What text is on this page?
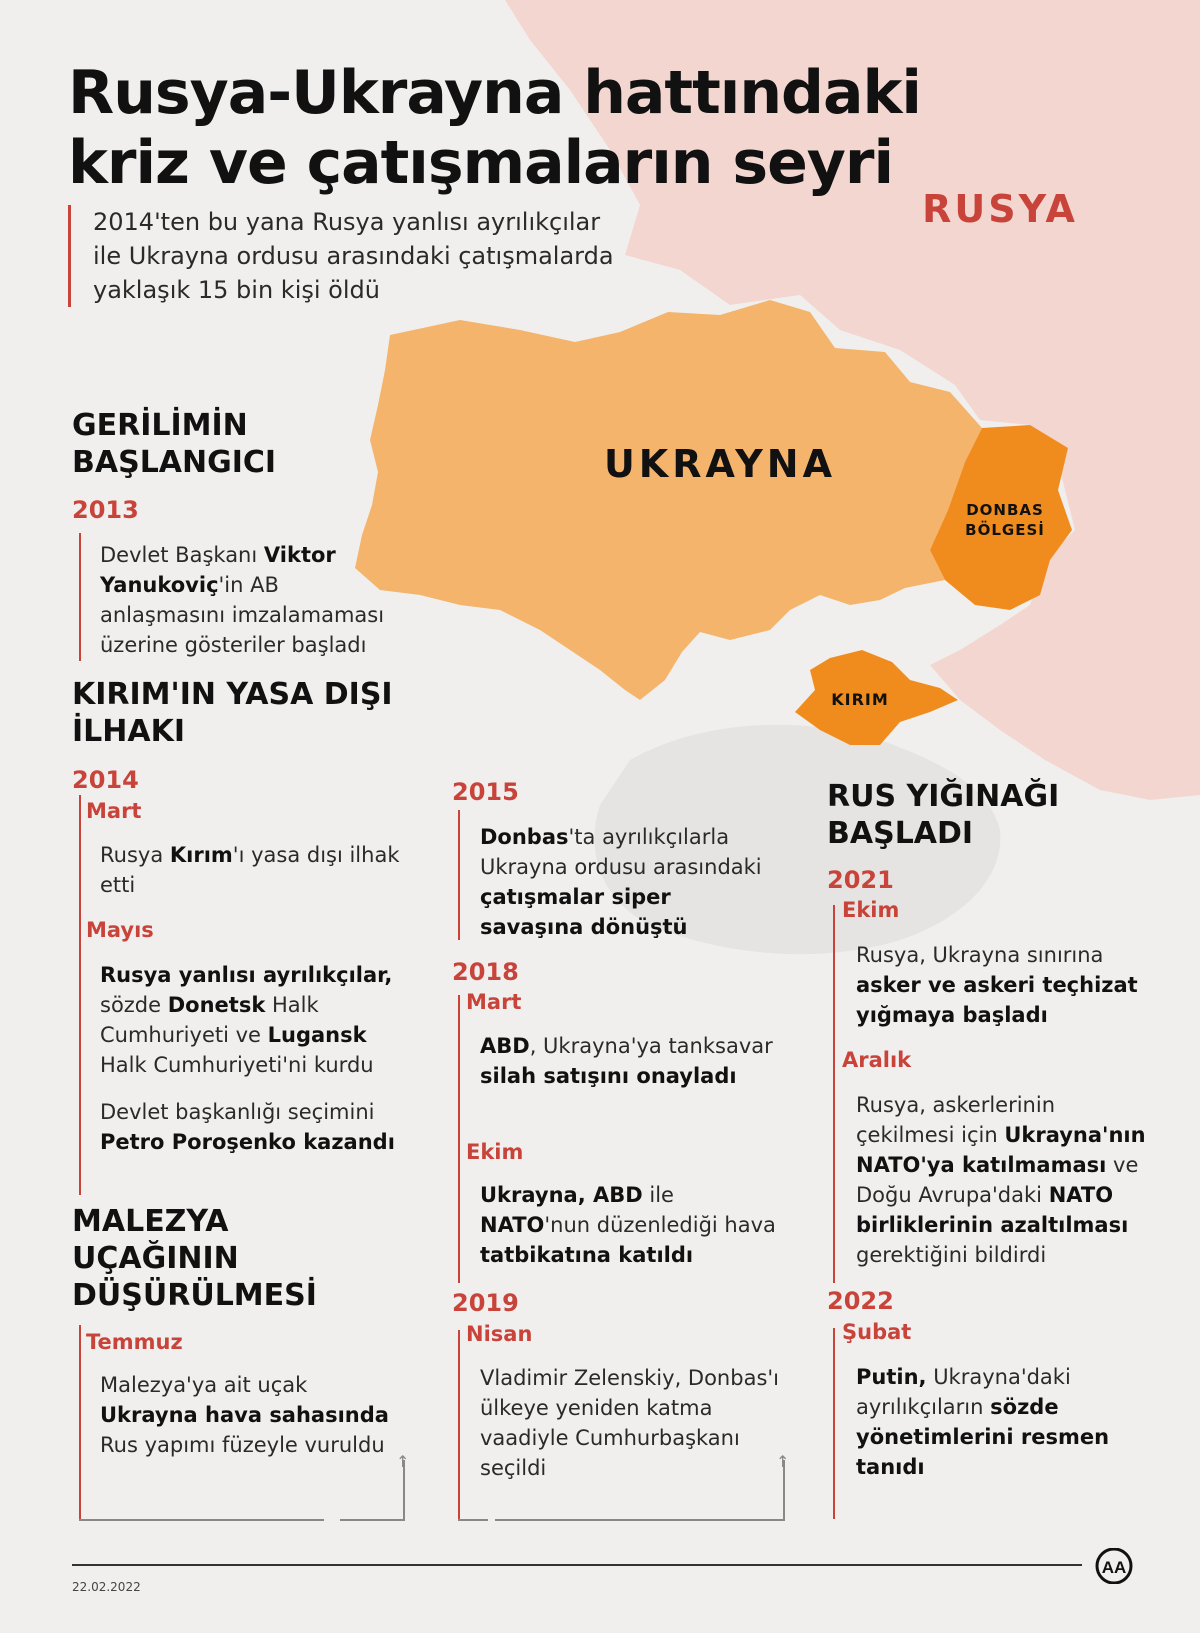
RUSYA
UKRAYNA
DONBAS
BÖLGESİ
KIRIM
Rusya-Ukrayna hattındaki
kriz ve çatışmaların seyri
2014'ten bu yana Rusya yanlısı ayrılıkçılar
ile Ukrayna ordusu arasındaki çatışmalarda
yaklaşık 15 bin kişi öldü
↑	↑
GERİLİMİN
BAŞLANGICI
2013
Devlet Başkanı Viktor Yanukoviç'in AB anlaşmasını imzalamaması üzerine gösteriler başladı
KIRIM'IN YASA DIŞI
İLHAKI
2014
Mart
Rusya Kırım'ı yasa dışı ilhak etti
Mayıs
Rusya yanlısı ayrılıkçılar, sözde Donetsk Halk Cumhuriyeti ve Lugansk Halk Cumhuriyeti'ni kurdu
Devlet başkanlığı seçimini Petro Poroşenko kazandı
MALEZYA
UÇAĞININ
DÜŞÜRÜLMESİ
Temmuz
Malezya'ya ait uçak Ukrayna hava sahasında Rus yapımı füzeyle vuruldu
2015
Donbas'ta ayrılıkçılarla Ukrayna ordusu arasındaki çatışmalar siper savaşına dönüştü
2018
Mart
ABD, Ukrayna'ya tanksavar silah satışını onayladı
Ekim
Ukrayna, ABD ile NATO'nun düzenlediği hava tatbikatına katıldı
2019
Nisan
Vladimir Zelenskiy, Donbas'ı ülkeye yeniden katma vaadiyle Cumhurbaşkanı seçildi
RUS YIĞINAĞI
BAŞLADI
2021
Ekim
Rusya, Ukrayna sınırına asker ve askeri teçhizat yığmaya başladı
Aralık
Rusya, askerlerinin çekilmesi için Ukrayna'nın NATO'ya katılmaması ve Doğu Avrupa'daki NATO birliklerinin azaltılması gerektiğini bildirdi
2022
Şubat
Putin, Ukrayna'daki ayrılıkçıların sözde yönetimlerini resmen tanıdı
22.02.2022
AA
